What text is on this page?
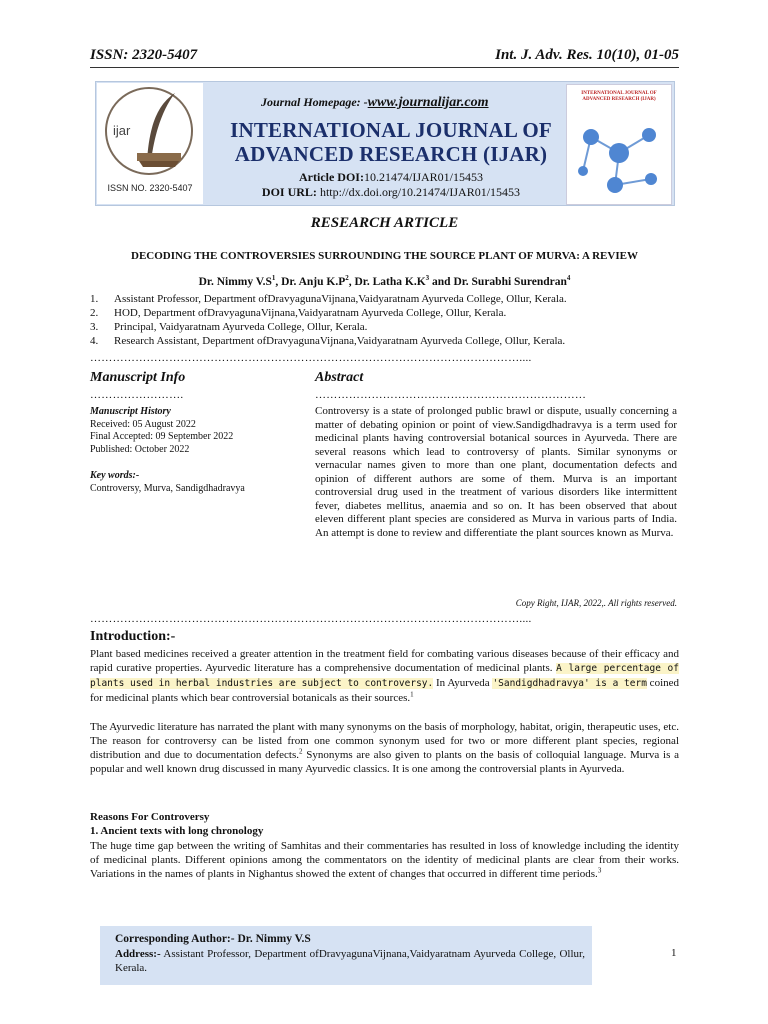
ISSN: 2320-5407	Int. J. Adv. Res. 10(10), 01-05
ijar
ISSN NO. 2320-5407
Journal Homepage: -www.journalijar.com
INTERNATIONAL JOURNAL OF
ADVANCED RESEARCH (IJAR)
Article DOI:10.21474/IJAR01/15453
DOI URL: http://dx.doi.org/10.21474/IJAR01/15453
INTERNATIONAL JOURNAL OF ADVANCED RESEARCH (IJAR)
RESEARCH ARTICLE
DECODING THE CONTROVERSIES SURROUNDING THE SOURCE PLANT OF MURVA: A REVIEW
Dr. Nimmy $V.S^1$, Dr. Anju $K.P^2$, Dr. Latha $K.K^3$ and Dr. Surabhi Surendran$^4$
1. Assistant Professor, Department ofDravyagunaVijnana,Vaidyaratnam Ayurveda College, Ollur, Kerala.
2. HOD, Department ofDravyagunaVijnana,Vaidyaratnam Ayurveda College, Ollur, Kerala.
3. Principal, Vaidyaratnam Ayurveda College, Ollur, Kerala.
4. Research Assistant, Department ofDravyagunaVijnana,Vaidyaratnam Ayurveda College, Ollur, Kerala.
……………………………………………………………………………………………………....
Manuscript Info	Abstract
…………………….	………………………………………………………………
Manuscript History
Received: 05 August 2022
Final Accepted: 09 September 2022
Published: October 2022
Key words:-
Controversy, Murva, Sandigdhadravya
Controversy is a state of prolonged public brawl or dispute, usually concerning a matter of debating opinion or point of view.Sandigdhadravya is a term used for medicinal plants having controversial botanical sources in Ayurveda. There are several reasons which lead to controversy of plants. Similar synonyms or vernacular names given to more than one plant, documentation defects and opinion of different authors are some of them. Murva is an important controversial drug used in the treatment of various disorders like intermittent fever, diabetes mellitus, anaemia and so on. It has been observed that about eleven different plant species are considered as Murva in various parts of India. An attempt is done to review and differentiate the plant sources known as Murva.
Copy Right, IJAR, 2022,. All rights reserved.
……………………………………………………………………………………………………....
Introduction:-
Plant based medicines received a greater attention in the treatment field for combating various diseases because of their efficacy and rapid curative properties. Ayurvedic literature has a comprehensive documentation of medicinal plants. A large percentage of plants used in herbal industries are subject to controversy. In Ayurveda 'Sandigdhadravya' is a term coined for medicinal plants which bear controversial botanicals as their sources.$^1$
The Ayurvedic literature has narrated the plant with many synonyms on the basis of morphology, habitat, origin, therapeutic uses, etc. The reason for controversy can be listed from one common synonym used for two or more different plant species, regional distribution and due to documentation defects.$^2$ Synonyms are also given to plants on the basis of colloquial language. Murva is a popular and well known drug discussed in many Ayurvedic classics. It is one among the controversial plants in Ayurveda.
Reasons For Controversy
1. Ancient texts with long chronology
The huge time gap between the writing of Samhitas and their commentaries has resulted in loss of knowledge including the identity of medicinal plants. Different opinions among the commentators on the identity of medicinal plants are clear from their works. Variations in the names of plants in Nighantus showed the extent of changes that occurred in different time periods.$^3$
Corresponding Author:- Dr. Nimmy V.S
Address:- Assistant Professor, Department ofDravyagunaVijnana,Vaidyaratnam Ayurveda College, Ollur, Kerala.
1
